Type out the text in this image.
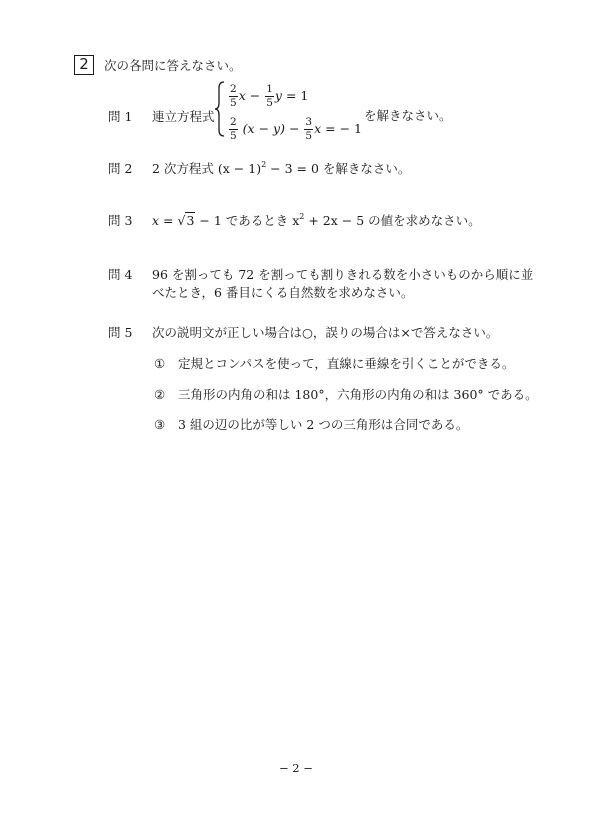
2	次の各問に答えなさい。
問 1 連立方程式
$\frac{2}{5}$ $x - \frac{1}{5}$ y = 1
$\frac{2}{5} (x - y) - \frac{3}{5}$ x = − 1
を解きなさい。
問 2 2 次方程式 $(x - 1)^2 - 3 = 0$ を解きなさい。
問 3 x = √3 − 1 であるとき $x^2 + 2x - 5$ の値を求めなさい。
問 4 96 を割っても 72 を割っても割りきれる数を小さいものから順に並
べたとき，6 番目にくる自然数を求めなさい。
問 5 次の説明文が正しい場合は○，誤りの場合は×で答えなさい。
① 定規とコンパスを使って，直線に垂線を引くことができる。
② 三角形の内角の和は 180°，六角形の内角の和は 360° である。
③ 3 組の辺の比が等しい 2 つの三角形は合同である。
− 2 −
